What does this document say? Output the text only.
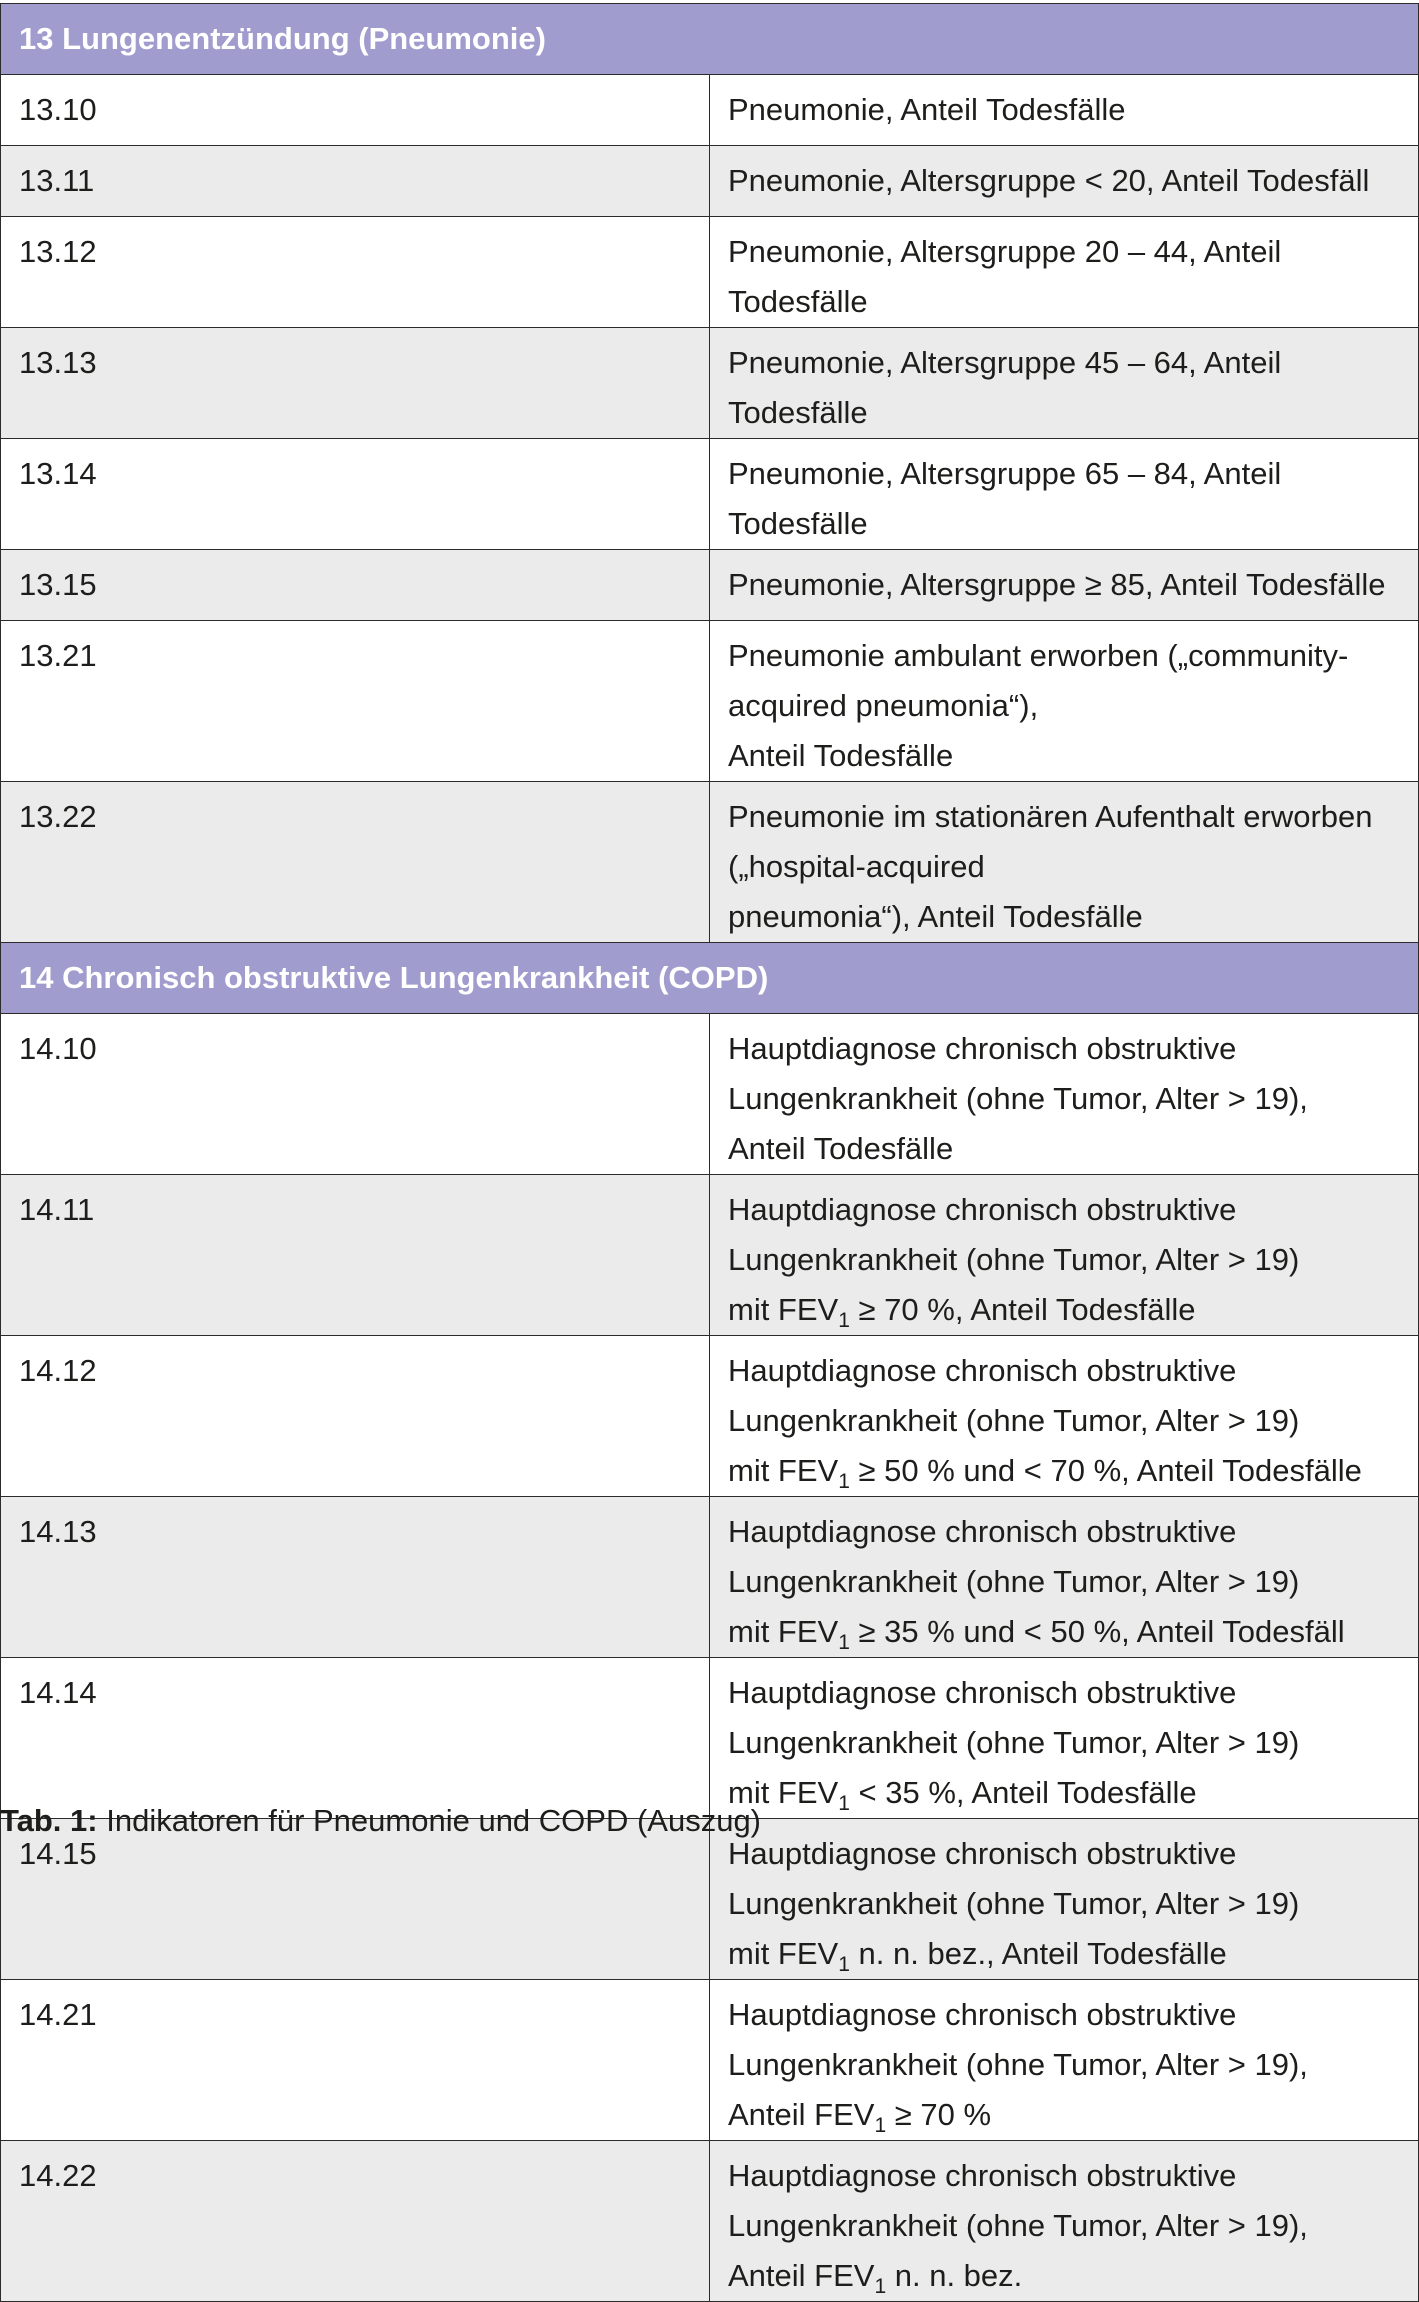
13 Lungenentzündung (Pneumonie)	
13.10	Pneumonie, Anteil Todesfälle
13.11	Pneumonie, Altersgruppe < 20, Anteil Todesfäll
13.12	Pneumonie, Altersgruppe 20 – 44, Anteil Todesfälle
13.13	Pneumonie, Altersgruppe 45 – 64, Anteil Todesfälle
13.14	Pneumonie, Altersgruppe 65 – 84, Anteil Todesfälle
13.15	Pneumonie, Altersgruppe ≥ 85, Anteil Todesfälle
13.21	Pneumonie ambulant erworben („community-acquired pneumonia“),
Anteil Todesfälle
13.22	Pneumonie im stationären Aufenthalt erworben („hospital-acquired
pneumonia“), Anteil Todesfälle
14 Chronisch obstruktive Lungenkrankheit (COPD)	
14.10	Hauptdiagnose chronisch obstruktive Lungenkrankheit (ohne Tumor, Alter > 19),
Anteil Todesfälle
14.11	Hauptdiagnose chronisch obstruktive Lungenkrankheit (ohne Tumor, Alter > 19)
mit $FEV_1 \ge 70$ %, Anteil Todesfälle
14.12	Hauptdiagnose chronisch obstruktive Lungenkrankheit (ohne Tumor, Alter > 19)
mit $FEV_1 \ge 50$ % und < 70 %, Anteil Todesfälle
14.13	Hauptdiagnose chronisch obstruktive Lungenkrankheit (ohne Tumor, Alter > 19)
mit $FEV_1 \ge 35$ % und < 50 %, Anteil Todesfäll
14.14	Hauptdiagnose chronisch obstruktive Lungenkrankheit (ohne Tumor, Alter > 19)
mit $FEV_1 < 35$ %, Anteil Todesfälle
14.15	Hauptdiagnose chronisch obstruktive Lungenkrankheit (ohne Tumor, Alter > 19)
mit $FEV_1$ n. n. bez., Anteil Todesfälle
14.21	Hauptdiagnose chronisch obstruktive Lungenkrankheit (ohne Tumor, Alter > 19),
Anteil $FEV_1 \ge 70$ %
14.22	Hauptdiagnose chronisch obstruktive Lungenkrankheit (ohne Tumor, Alter > 19),
Anteil $FEV_1$ n. n. bez.
Tab. 1: Indikatoren für Pneumonie und COPD (Auszug)
